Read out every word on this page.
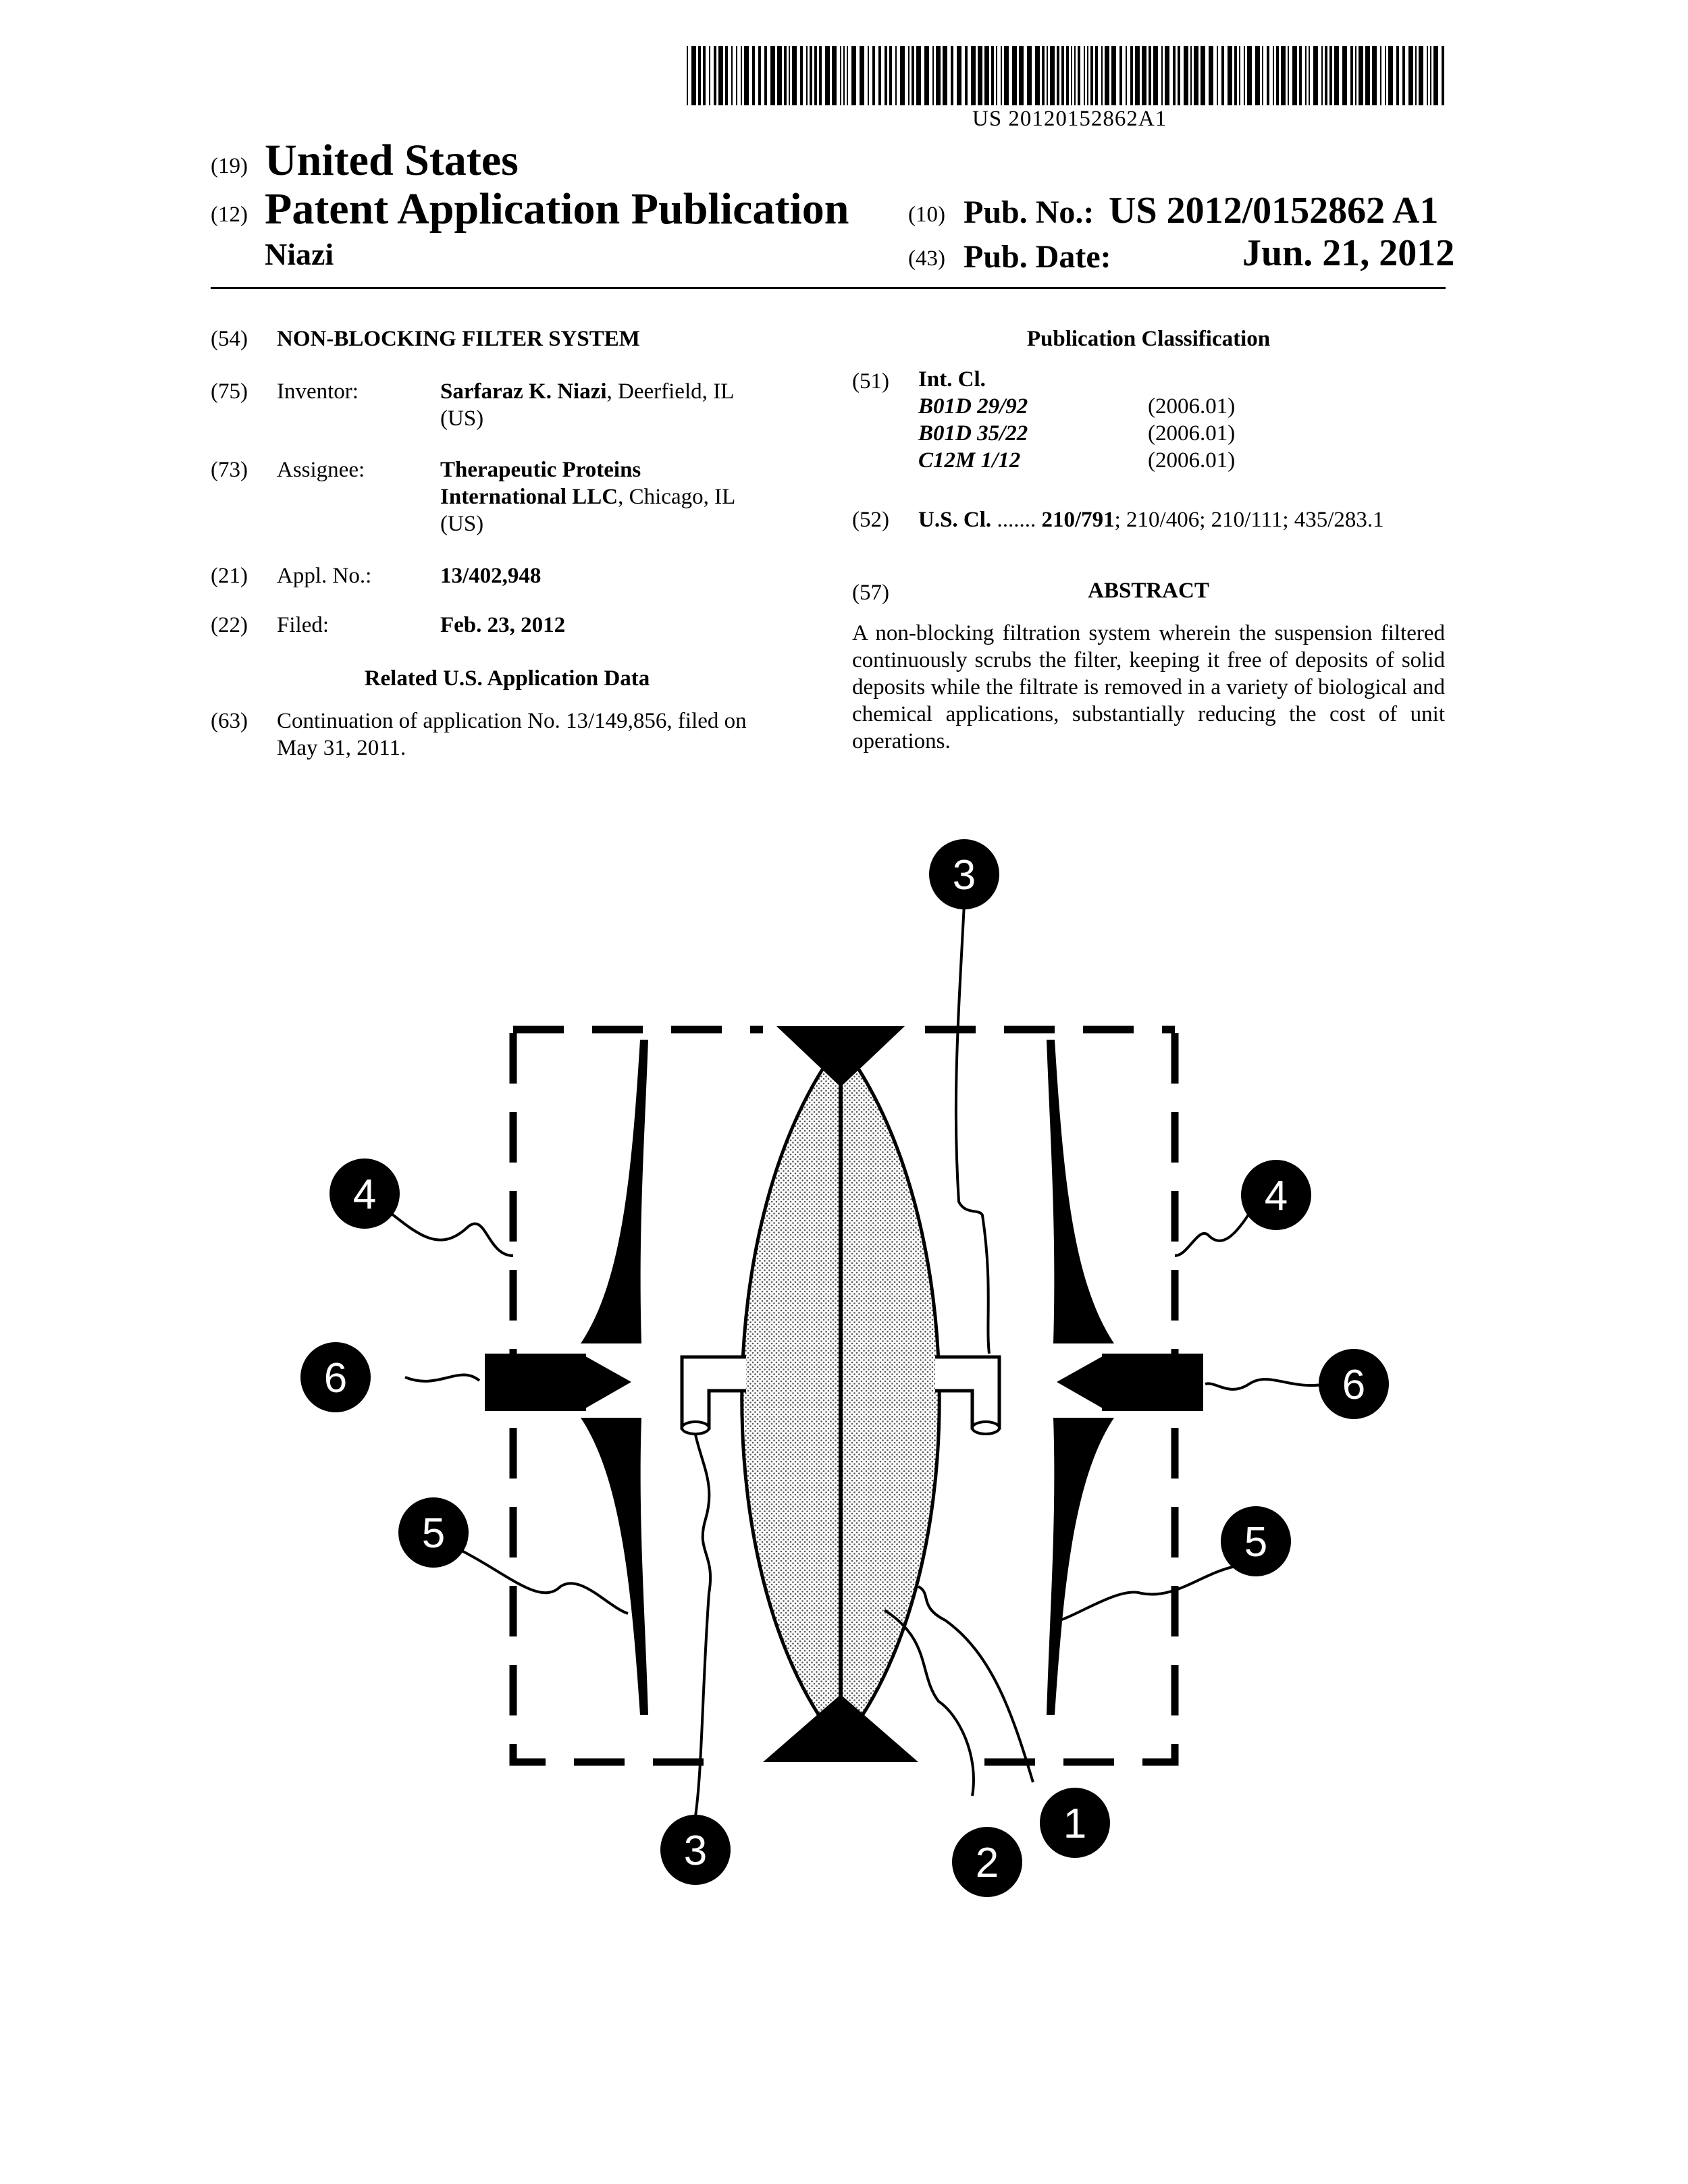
US 20120152862A1
(19) United States
(12) Patent Application Publication
Niazi
(10) Pub. No.: US 2012/0152862 A1
(43) Pub. Date:	Jun. 21, 2012
(54) NON-BLOCKING FILTER SYSTEM
(75) Inventor:	Sarfaraz K. Niazi, Deerfield, IL
(US)
(73) Assignee:	Therapeutic Proteins
International LLC, Chicago, IL
(US)
(21) Appl. No.:	13/402,948
(22) Filed:	Feb. 23, 2012
Related U.S. Application Data
(63) Continuation of application No. 13/149,856, filed on
May 31, 2011.
Publication Classification
(51) Int. Cl.
B01D 29/92	(2006.01)
B01D 35/22	(2006.01)
C12M 1/12	(2006.01)
(52) U.S. Cl. ....... 210/791; 210/406; 210/111; 435/283.1
(57)	ABSTRACT
A non-blocking filtration system wherein the suspension filtered continuously scrubs the filter, keeping it free of deposits of solid deposits while the filtrate is removed in a variety of biological and chemical applications, substantially reducing the cost of unit operations.
3
4	4
6	6
5	5
3	2
1
